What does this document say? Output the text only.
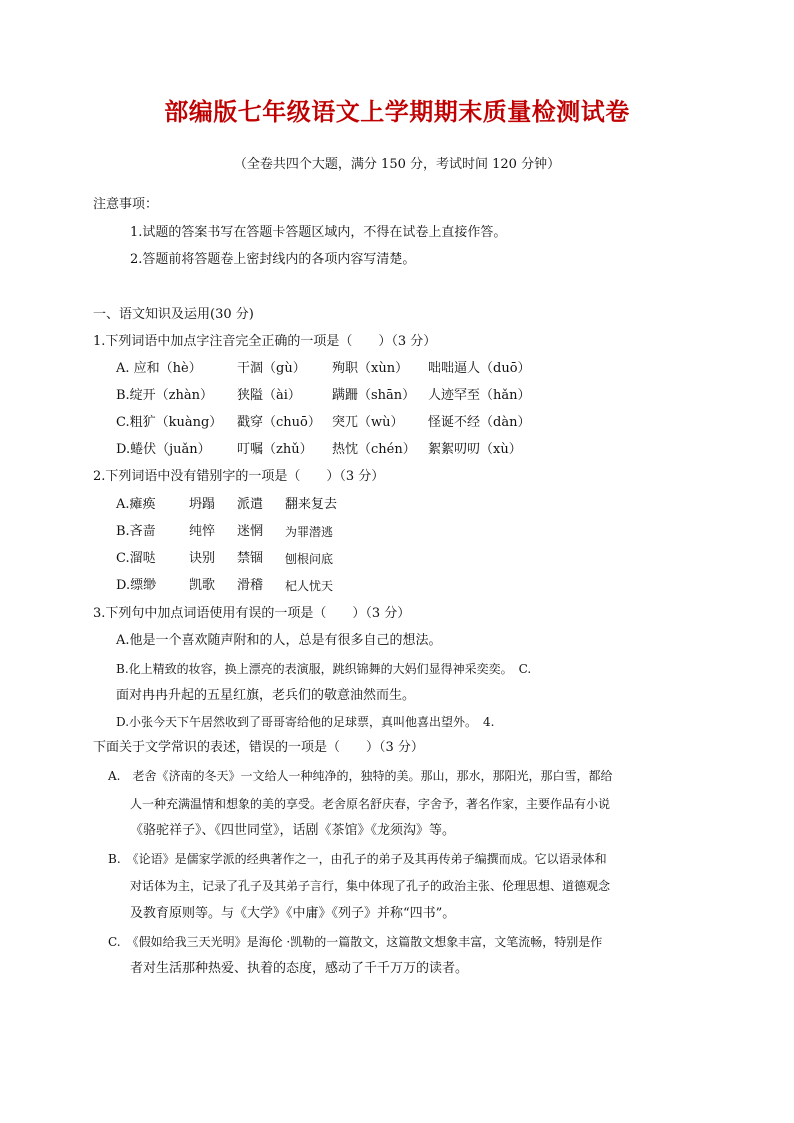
部编版七年级语文上学期期末质量检测试卷
（全卷共四个大题，满分 150 分，考试时间 120 分钟）
注意事项：
1.试题的答案书写在答题卡答题区域内，不得在试卷上直接作答。
2.答题前将答题卷上密封线内的各项内容写清楚。
一、语文知识及运用(30 分)
1.下列词语中加点字注音完全正确的一项是（　　）（3 分）
A. 应和（hè）	干涸（gù） 殉职（xùn） 咄咄逼人（duō）
B.绽开（zhàn） 狭隘（ài） 蹒跚（shān） 人迹罕至（hǎn）
C.粗犷（kuàng） 戳穿（chuō） 突兀（wù） 怪诞不经（dàn）
D.蜷伏（juǎn） 叮嘱（zhǔ） 热忱（chén） 絮絮叨叨（xù）
2.下列词语中没有错别字的一项是（　　）（3 分）
A.瘫痪	坍蹋 派遣 翻来复去
B.吝啬	纯悴 迷惘 为罪潜逃
C.溜哒	诀别 禁锢 刨根问底
D.缥缈	凯歌 滑稽 杞人忧天
3.下列句中加点词语使用有误的一项是（　　）（3 分）
A.他是一个喜欢随声附和的人，总是有很多自己的想法。
B.化上精致的妆容，换上漂亮的表演服，跳织锦舞的大妈们显得神采奕奕。　C.
面对冉冉升起的五星红旗，老兵们的敬意油然而生。
D.小张今天下午居然收到了哥哥寄给他的足球票，真叫他喜出望外。　4.
下面关于文学常识的表述，错误的一项是（　　）（3 分）
A.　老舍《济南的冬天》一文给人一种纯净的，独特的美。那山，那水，那阳光，那白雪，都给
人一种充满温情和想象的美的享受。老舍原名舒庆春，字舍予，著名作家，主要作品有小说
《骆驼祥子》、《四世同堂》，话剧《茶馆》《龙须沟》等。
B.　《论语》是儒家学派的经典著作之一，由孔子的弟子及其再传弟子编撰而成。它以语录体和
对话体为主，记录了孔子及其弟子言行，集中体现了孔子的政治主张、伦理思想、道德观念
及教育原则等。与《大学》《中庸》《列子》并称“四书”。
C.　《假如给我三天光明》是海伦 ·凯勒的一篇散文，这篇散文想象丰富，文笔流畅，特别是作
者对生活那种热爱、执着的态度，感动了千千万万的读者。
